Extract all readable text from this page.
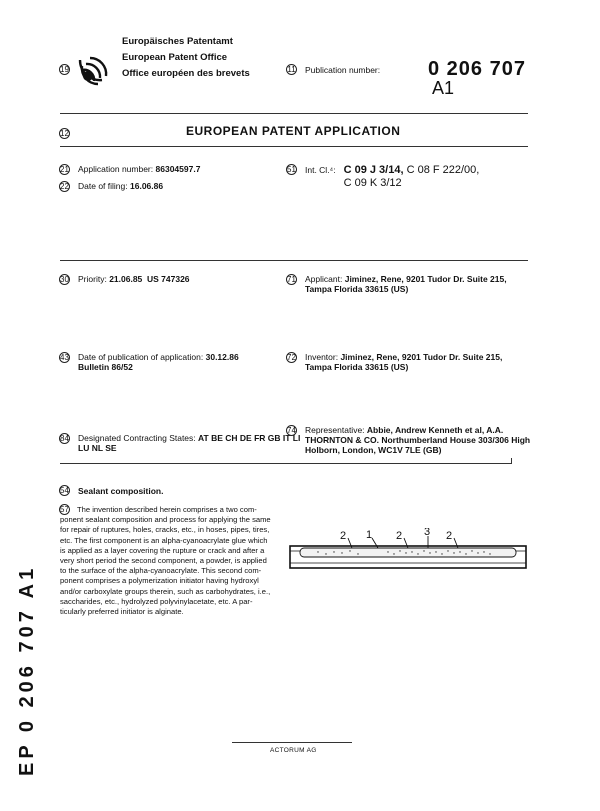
19
Europäisches Patentamt
European Patent Office
Office européen des brevets	11 Publication number: 0 206 707
A1
12	EUROPEAN PATENT APPLICATION
21 Application number: 86304597.7
22 Date of filing: 16.06.86
51 Int. Cl.⁴: C 09 J 3/14, C 08 F 222/00,
C 09 K 3/12
30 Priority: 21.06.85  US 747326	71 Applicant: Jiminez, Rene, 9201 Tudor Dr. Suite 215,
Tampa Florida 33615 (US)
43 Date of publication of application: 30.12.86
Bulletin 86/52
72 Inventor: Jiminez, Rene, 9201 Tudor Dr. Suite 215,
Tampa Florida 33615 (US)
74 Representative: Abbie, Andrew Kenneth et al, A.A.
THORNTON & CO. Northumberland House 303/306 High
Holborn, London, WC1V 7LE (GB)
84 Designated Contracting States: AT BE CH DE FR GB IT LI
LU NL SE
54 Sealant composition.
57	The invention described herein comprises a two com-
ponent sealant composition and process for applying the same
for repair of ruptures, holes, cracks, etc., in hoses, pipes, tires,
etc. The first component is an alpha-cyanoacrylate glue which
is applied as a layer covering the rupture or crack and after a
very short period the second component, a powder, is applied
to the surface of the alpha-cyanoacrylate. This second com-
ponent comprises a polymerization initiator having hydroxyl
and/or carboxylate groups therein, such as carbohydrates, i.e.,
saccharides, etc., hydrolyzed polyvinylacetate, etc. A par-
ticularly preferred initiator is alginate.
2 1 2 3 2
EP 0 206 707 A1	ACTORUM AG
